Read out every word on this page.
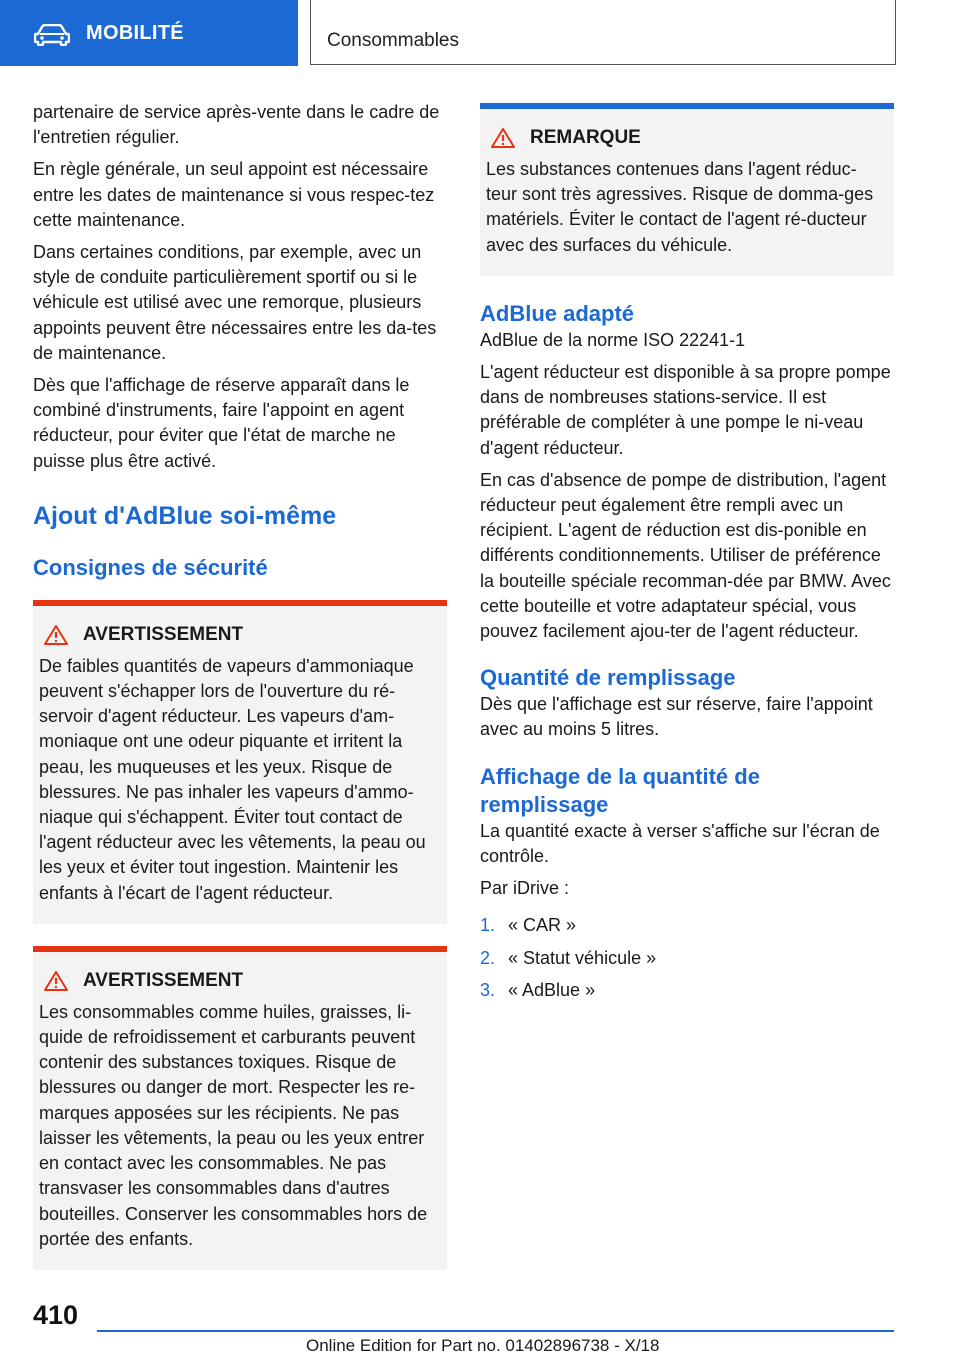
MOBILITÉ	Consommables

partenaire de service après-vente dans le cadre de l'entretien régulier.

En règle générale, un seul appoint est nécessaire entre les dates de maintenance si vous respec-tez cette maintenance.

Dans certaines conditions, par exemple, avec un style de conduite particulièrement sportif ou si le véhicule est utilisé avec une remorque, plusieurs appoints peuvent être nécessaires entre les da-tes de maintenance.

Dès que l'affichage de réserve apparaît dans le combiné d'instruments, faire l'appoint en agent réducteur, pour éviter que l'état de marche ne puisse plus être activé.

Ajout d'AdBlue soi-même
Consignes de sécurité
AVERTISSEMENT

De faibles quantités de vapeurs d'ammoniaque peuvent s'échapper lors de l'ouverture du ré-servoir d'agent réducteur. Les vapeurs d'am-moniaque ont une odeur piquante et irritent la peau, les muqueuses et les yeux. Risque de blessures. Ne pas inhaler les vapeurs d'ammo-niaque qui s'échappent. Éviter tout contact de l'agent réducteur avec les vêtements, la peau ou les yeux et éviter tout ingestion. Maintenir les enfants à l'écart de l'agent réducteur.

AVERTISSEMENT

Les consommables comme huiles, graisses, li-quide de refroidissement et carburants peuvent contenir des substances toxiques. Risque de blessures ou danger de mort. Respecter les re-marques apposées sur les récipients. Ne pas laisser les vêtements, la peau ou les yeux entrer en contact avec les consommables. Ne pas transvaser les consommables dans d'autres bouteilles. Conserver les consommables hors de portée des enfants.

REMARQUE

Les substances contenues dans l'agent réduc-teur sont très agressives. Risque de domma-ges matériels. Éviter le contact de l'agent ré-ducteur avec des surfaces du véhicule.

AdBlue adapté

AdBlue de la norme ISO 22241-1

L'agent réducteur est disponible à sa propre pompe dans de nombreuses stations-service. Il est préférable de compléter à une pompe le ni-veau d'agent réducteur.

En cas d'absence de pompe de distribution, l'agent réducteur peut également être rempli avec un récipient. L'agent de réduction est dis-ponible en différents conditionnements. Utiliser de préférence la bouteille spéciale recomman-dée par BMW. Avec cette bouteille et votre adaptateur spécial, vous pouvez facilement ajou-ter de l'agent réducteur.

Quantité de remplissage

Dès que l'affichage est sur réserve, faire l'appoint avec au moins 5 litres.

Affichage de la quantité de remplissage

La quantité exacte à verser s'affiche sur l'écran de contrôle.

Par iDrive :

1. « CAR »
2. « Statut véhicule »
3. « AdBlue »
410
Online Edition for Part no. 01402896738 - X/18
